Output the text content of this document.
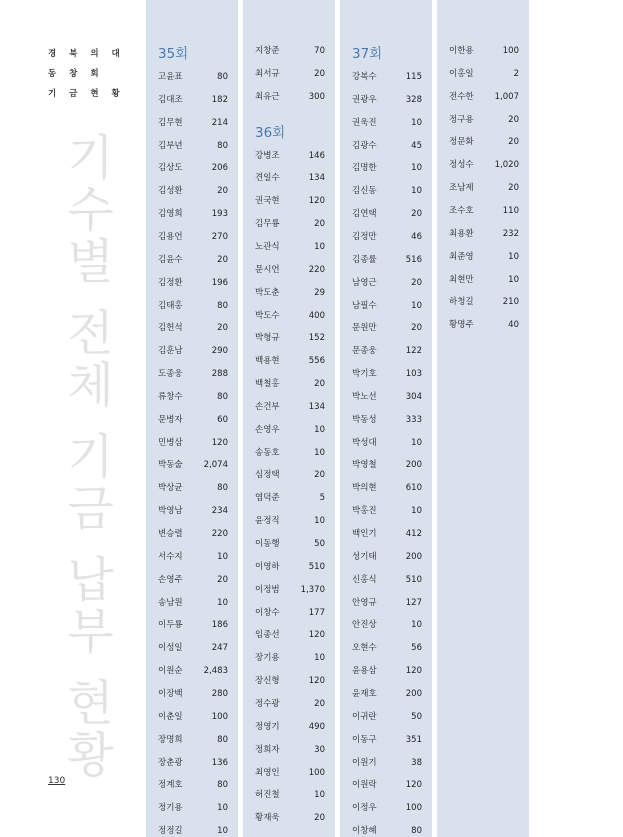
경 북 의 대
동 창 회
기 금 현 황
기수별 전체 기금 납부 현황
130
35회
고윤표	80
김대조	182
김무현	214
김부년	80
김상도	206
김성환	20
김영희	193
김용언	270
김윤수	20
김정환	196
김태홍	80
김헌석	20
김훈남	290
도종웅	288
류창수	80
문병자	60
민병삼	120
박동술 2,074
박상균	80
박영남	234
변승렬	220
서수지	10
손영주	20
송남원	10
이두룡	186
이성일	247
이원순 2,483
이장백	280
이춘일	100
장명희	80
장춘광	136
정계호	80
정기용	10
정정길	10
지창준	70
최서규	20
최유근	300
36회
강병조	146
견일수	134
권국현	120
김무룡	20
노관식	10
문시언	220
박도춘	29
박도수	400
박형규	152
백용현	556
백철홍	20
손건부	134
손영우	10
송동호	10
심정택	20
염덕준	5
윤정직	10
이동행	50
이영하	510
이정범 1,370
이창수	177
임종선	120
장기용	10
장신형	120
정수광	20
정영기	490
정희자	30
최영인	100
허진철	10
황재욱	20
37회
강복수	115
권광우	328
권욱진	10
김광수	45
김명한	10
김신동	10
김연택	20
김정만	46
김종률	516
남영근	20
남필수	10
문원만	20
문종웅	122
박기호	103
박노선	304
박동성	333
박성대	10
박영철	200
박의현	610
박홍진	10
백인기	412
성기태	200
신홍식	510
안영규	127
안진상	10
오현수	56
윤용삼	120
윤재호	200
이귀란	50
이동구	351
이원기	38
이원락	120
이정우	100
이창혜	80
이한용	100
이홍일	2
전수한 1,007
정구용	20
정문화	20
정성수 1,020
조남제	20
조수호	110
최용환	232
최준영	10
최현만	10
하청길	210
황명주	40
